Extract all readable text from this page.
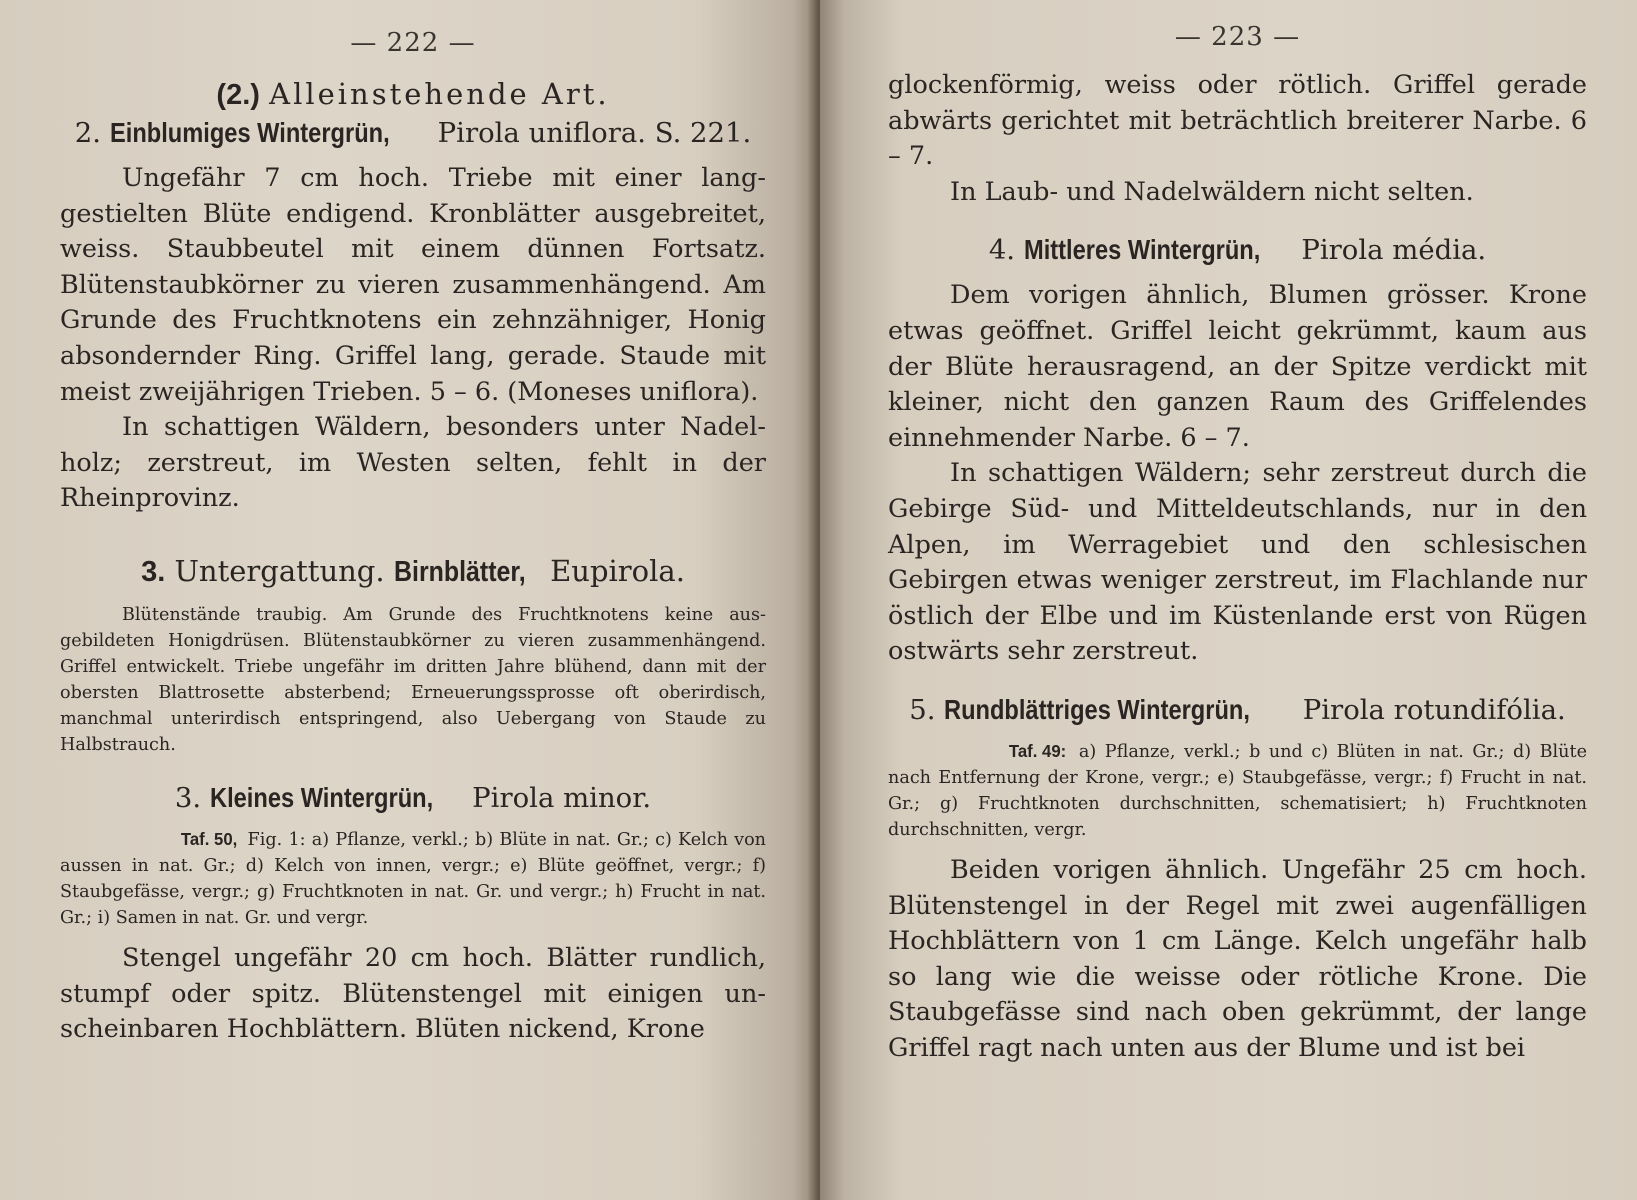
— 222 —
(2.) Alleinstehende Art.
2. Einblumiges Wintergrün, Pirola uniflora. S. 221.

Ungefähr 7 cm hoch. Triebe mit einer langgestielten Blüte endigend. Kronblätter ausgebreitet, weiss. Staubbeutel mit einem dünnen Fortsatz. Blütenstaubkörner zu vieren zusammenhängend. Am Grunde des Fruchtknotens ein zehnzähniger, Honig absondernder Ring. Griffel lang, gerade. Staude mit meist zweijährigen Trieben. 5 – 6. (Moneses uniflora).

In schattigen Wäldern, besonders unter Nadelholz; zerstreut, im Westen selten, fehlt in der Rheinprovinz.

3. Untergattung. Birnblätter, Eupirola.

Blütenstände traubig. Am Grunde des Fruchtknotens keine ausgebildeten Honigdrüsen. Blütenstaubkörner zu vieren zusammenhängend. Griffel entwickelt. Triebe ungefähr im dritten Jahre blühend, dann mit der obersten Blattrosette absterbend; Erneuerungssprosse oft oberirdisch, manchmal unterirdisch entspringend, also Uebergang von Staude zu Halbstrauch.

3. Kleines Wintergrün, Pirola minor.

Taf. 50, Fig. 1: a) Pflanze, verkl.; b) Blüte in nat. Gr.; c) Kelch von aussen in nat. Gr.; d) Kelch von innen, vergr.; e) Blüte geöffnet, vergr.; f) Staubgefässe, vergr.; g) Fruchtknoten in nat. Gr. und vergr.; h) Frucht in nat. Gr.; i) Samen in nat. Gr. und vergr.

Stengel ungefähr 20 cm hoch. Blätter rundlich, stumpf oder spitz. Blütenstengel mit einigen unscheinbaren Hochblättern. Blüten nickend, Krone

— 223 —

glockenförmig, weiss oder rötlich. Griffel gerade abwärts gerichtet mit beträchtlich breiterer Narbe. 6 – 7.

In Laub- und Nadelwäldern nicht selten.

4. Mittleres Wintergrün, Pirola média.

Dem vorigen ähnlich, Blumen grösser. Krone etwas geöffnet. Griffel leicht gekrümmt, kaum aus der Blüte herausragend, an der Spitze verdickt mit kleiner, nicht den ganzen Raum des Griffelendes einnehmender Narbe. 6 – 7.

In schattigen Wäldern; sehr zerstreut durch die Gebirge Süd- und Mitteldeutschlands, nur in den Alpen, im Werragebiet und den schlesischen Gebirgen etwas weniger zerstreut, im Flachlande nur östlich der Elbe und im Küstenlande erst von Rügen ostwärts sehr zerstreut.

5. Rundblättriges Wintergrün, Pirola rotundifólia.

Taf. 49: a) Pflanze, verkl.; b und c) Blüten in nat. Gr.; d) Blüte nach Entfernung der Krone, vergr.; e) Staubgefässe, vergr.; f) Frucht in nat. Gr.; g) Fruchtknoten durchschnitten, schematisiert; h) Fruchtknoten durchschnitten, vergr.

Beiden vorigen ähnlich. Ungefähr 25 cm hoch. Blütenstengel in der Regel mit zwei augenfälligen Hochblättern von 1 cm Länge. Kelch ungefähr halb so lang wie die weisse oder rötliche Krone. Die Staubgefässe sind nach oben gekrümmt, der lange Griffel ragt nach unten aus der Blume und ist bei
